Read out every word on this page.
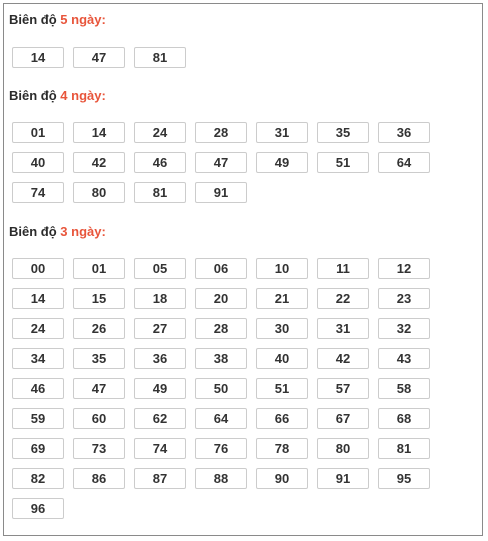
Biên độ 5 ngày:
14	47	81
Biên độ 4 ngày:
01	14	24	28	31	35	36
40	42	46	47	49	51	64
74	80	81	91
Biên độ 3 ngày:
00	01	05	06	10	11	12
14	15	18	20	21	22	23
24	26	27	28	30	31	32
34	35	36	38	40	42	43
46	47	49	50	51	57	58
59	60	62	64	66	67	68
69	73	74	76	78	80	81
82	86	87	88	90	91	95
96
